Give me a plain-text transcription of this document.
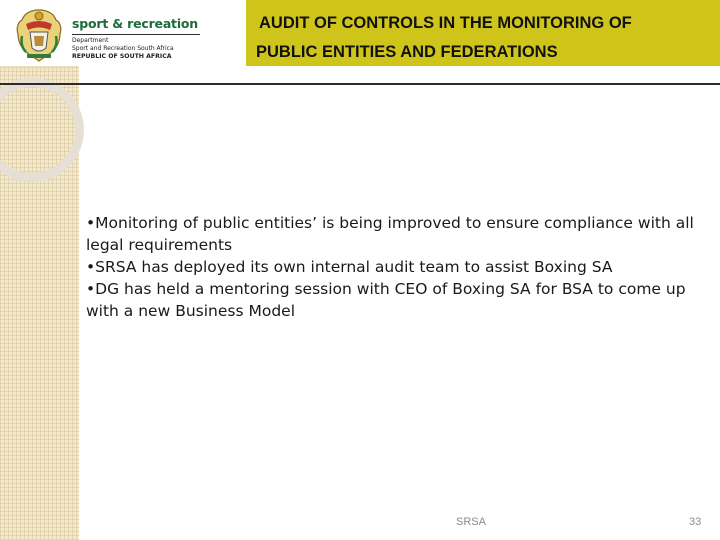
sport & recreation
Department
Sport and Recreation South Africa
REPUBLIC OF SOUTH AFRICA
AUDIT OF CONTROLS IN THE MONITORING OF
PUBLIC ENTITIES AND FEDERATIONS

•Monitoring of public entities’ is being improved to ensure compliance with all legal requirements

•SRSA has deployed its own internal audit team to assist Boxing SA

•DG has held a mentoring session with CEO of Boxing SA for BSA to come up with a new Business Model

SRSA	33
